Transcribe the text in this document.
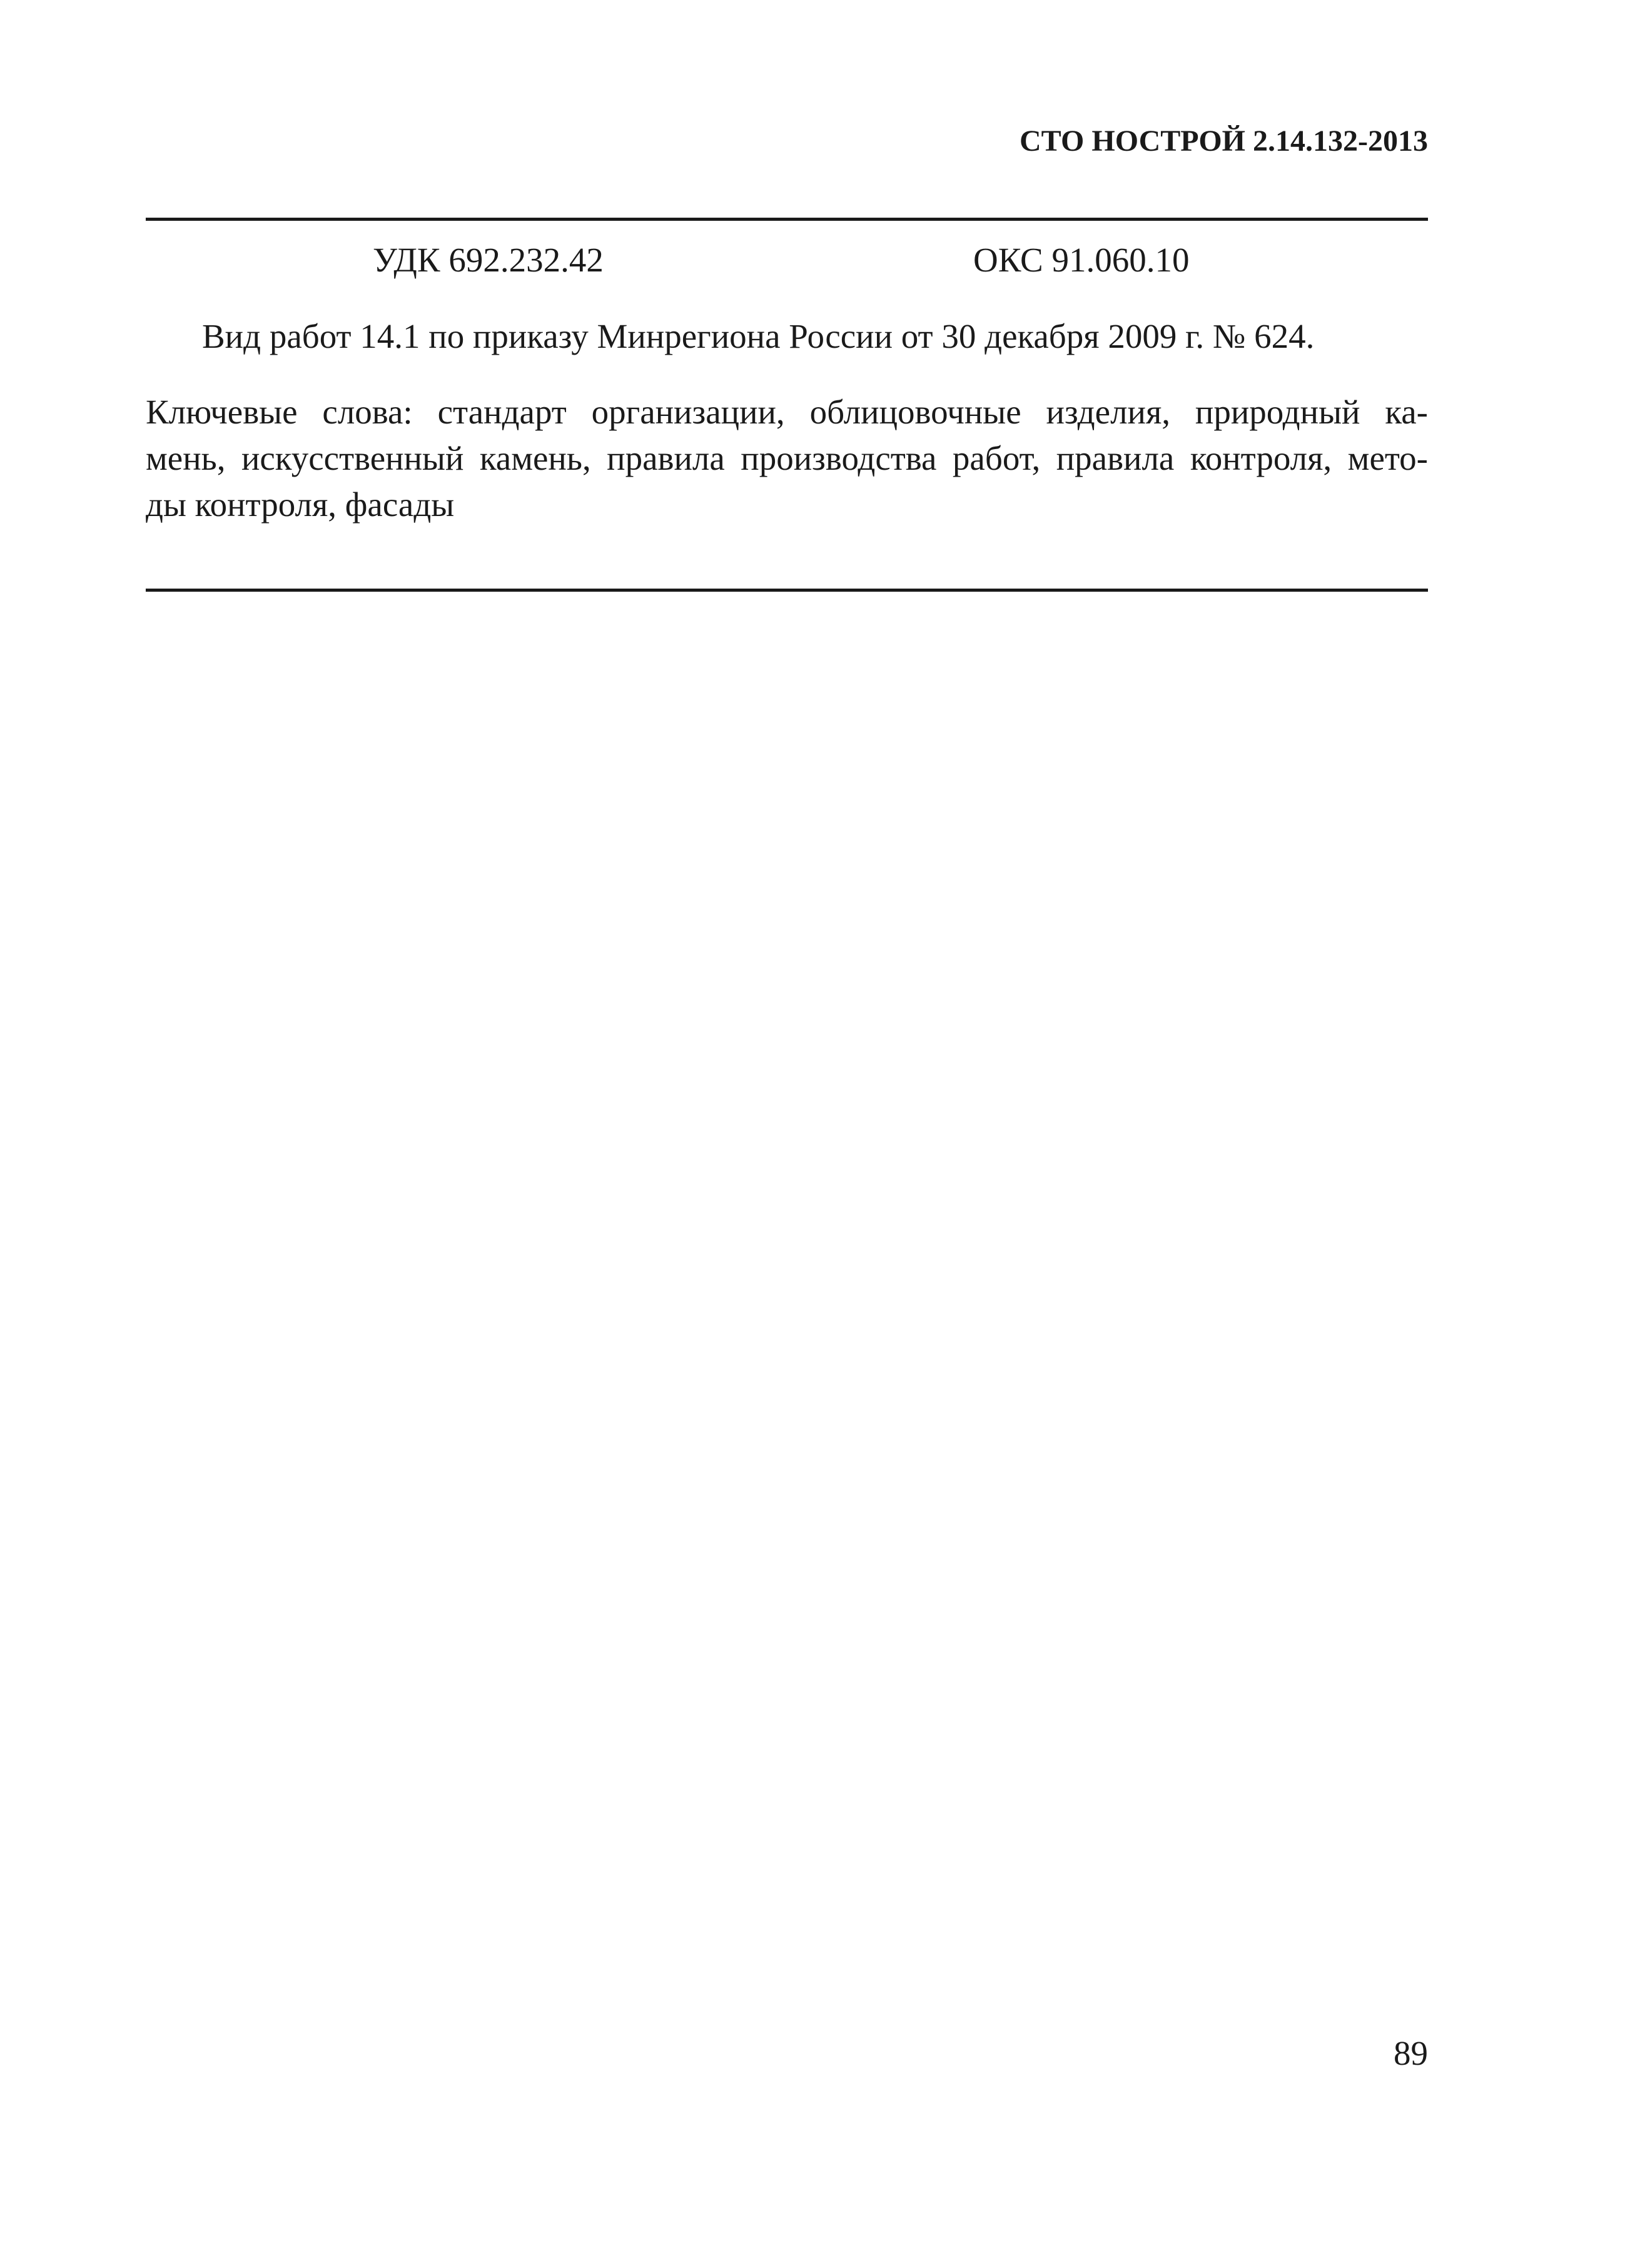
СТО НОСТРОЙ 2.14.132-2013
УДК 692.232.42	ОКС 91.060.10
Вид работ 14.1 по приказу Минрегиона России от 30 декабря 2009 г. № 624.
Ключевые слова: стандарт организации, облицовочные изделия, природный ка-
мень, искусственный камень, правила производства работ, правила контроля, мето-
ды контроля, фасады
89
